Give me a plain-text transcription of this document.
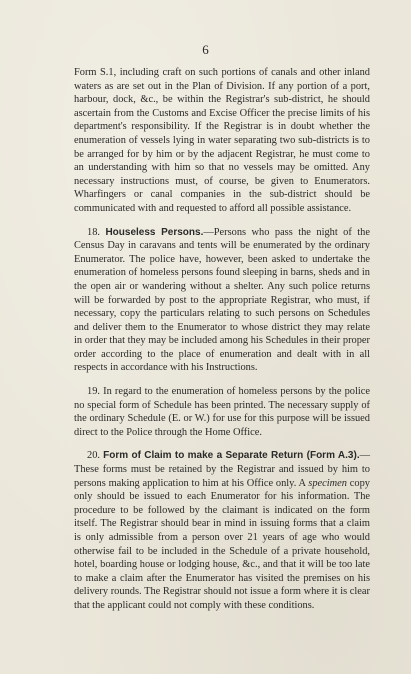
6

Form S.1, including craft on such portions of canals and other inland waters as are set out in the Plan of Division. If any portion of a port, harbour, dock, &c., be within the Registrar's sub-district, he should ascertain from the Customs and Excise Officer the precise limits of his department's responsibility. If the Registrar is in doubt whether the enumeration of vessels lying in water separating two sub-districts is to be arranged for by him or by the adjacent Registrar, he must come to an understanding with him so that no vessels may be omitted. Any necessary instructions must, of course, be given to Enumerators. Wharfingers or canal companies in the sub-district should be communicated with and requested to afford all possible assistance.

18. Houseless Persons.—Persons who pass the night of the Census Day in caravans and tents will be enumerated by the ordinary Enumerator. The police have, however, been asked to undertake the enumeration of homeless persons found sleeping in barns, sheds and in the open air or wandering without a shelter. Any such police returns will be forwarded by post to the appropriate Registrar, who must, if necessary, copy the particulars relating to such persons on Schedules and deliver them to the Enumerator to whose district they may relate in order that they may be included among his Schedules in their proper order according to the place of enumeration and dealt with in all respects in accordance with his Instructions.

19. In regard to the enumeration of homeless persons by the police no special form of Schedule has been printed. The necessary supply of the ordinary Schedule (E. or W.) for use for this purpose will be issued direct to the Police through the Home Office.

20. Form of Claim to make a Separate Return (Form A.3).—These forms must be retained by the Registrar and issued by him to persons making application to him at his Office only. A specimen copy only should be issued to each Enumerator for his information. The procedure to be followed by the claimant is indicated on the form itself. The Registrar should bear in mind in issuing forms that a claim is only admissible from a person over 21 years of age who would otherwise fail to be included in the Schedule of a private household, hotel, boarding house or lodging house, &c., and that it will be too late to make a claim after the Enumerator has visited the premises on his delivery rounds. The Registrar should not issue a form where it is clear that the applicant could not comply with these conditions.
